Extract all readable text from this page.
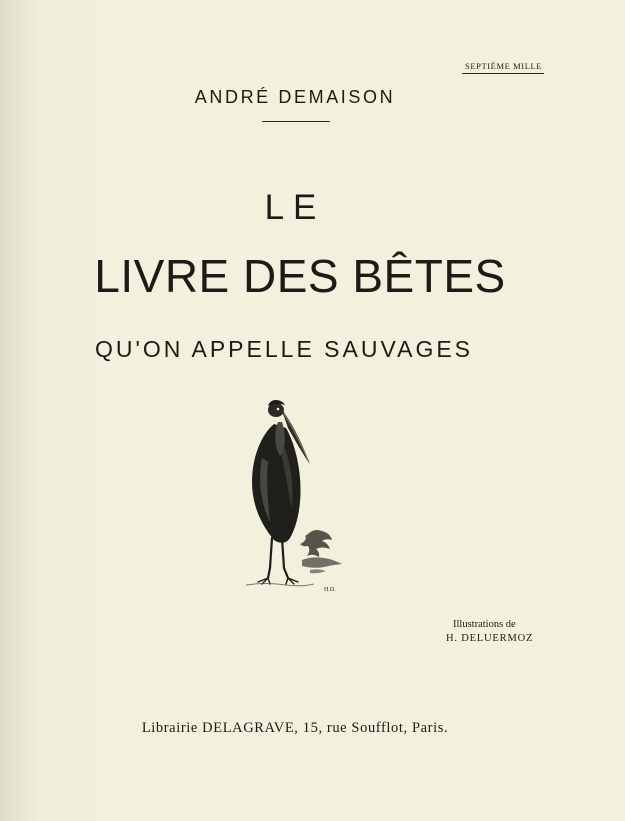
SEPTIÈME MILLE
ANDRÉ DEMAISON
LE
LIVRE DES BÊTES
QU'ON APPELLE SAUVAGES
H.D.
Illustrations de
H. DELUERMOZ
Librairie DELAGRAVE, 15, rue Soufflot, Paris.
